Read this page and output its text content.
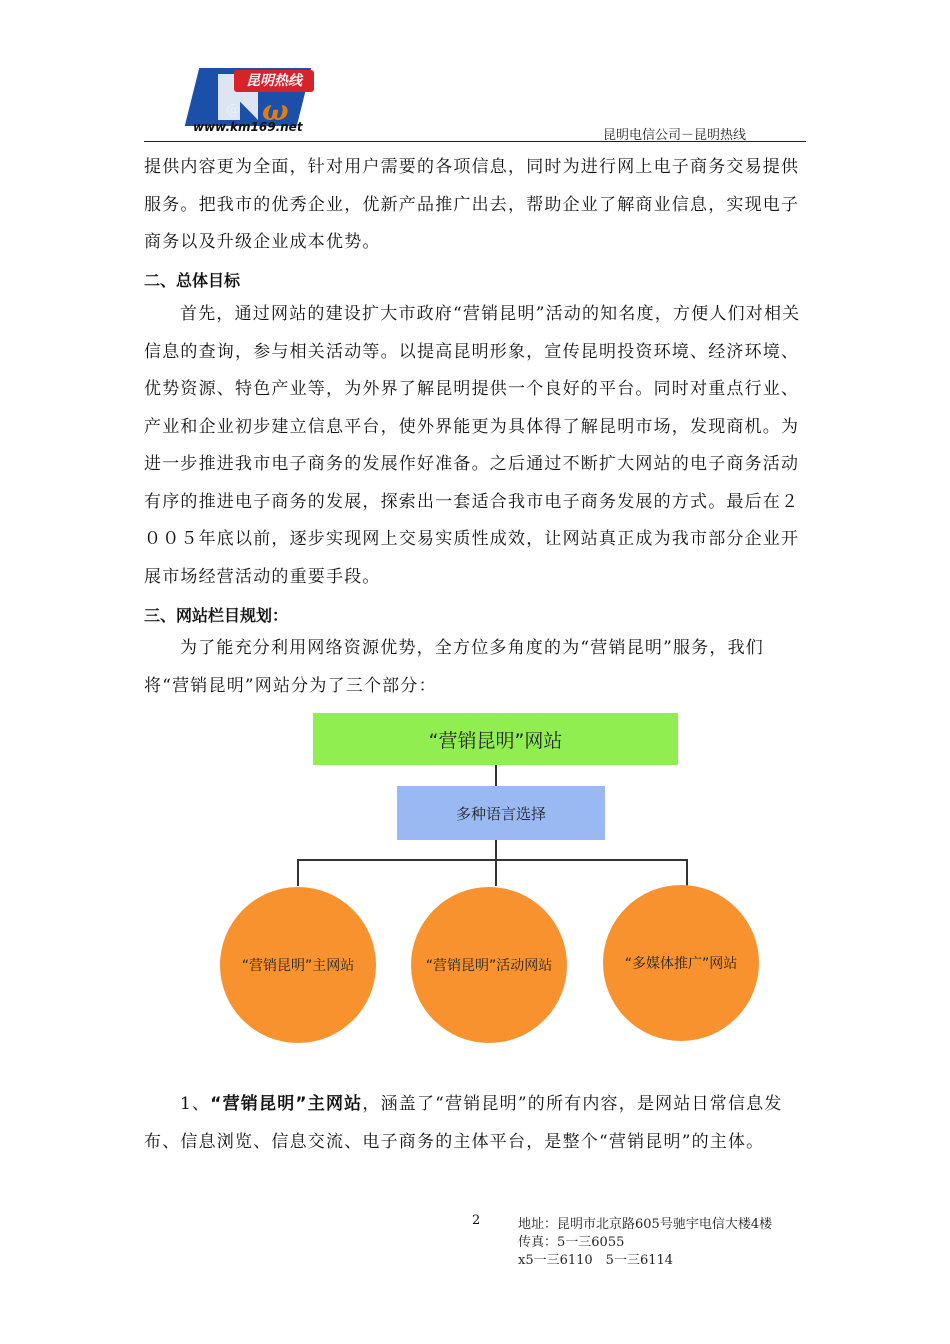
昆明热线
@ ω
www.km169.net
昆明电信公司－昆明热线
提供内容更为全面，针对用户需要的各项信息，同时为进行网上电子商务交易提供服务。把我市的优秀企业，优新产品推广出去，帮助企业了解商业信息，实现电子商务以及升级企业成本优势。
二、总体目标
首先，通过网站的建设扩大市政府“营销昆明”活动的知名度，方便人们对相关信息的查询，参与相关活动等。以提高昆明形象，宣传昆明投资环境、经济环境、优势资源、特色产业等，为外界了解昆明提供一个良好的平台。同时对重点行业、产业和企业初步建立信息平台，使外界能更为具体得了解昆明市场，发现商机。为进一步推进我市电子商务的发展作好准备。之后通过不断扩大网站的电子商务活动有序的推进电子商务的发展，探索出一套适合我市电子商务发展的方式。最后在２００５年底以前，逐步实现网上交易实质性成效，让网站真正成为我市部分企业开展市场经营活动的重要手段。
三、网站栏目规划：
为了能充分利用网络资源优势，全方位多角度的为“营销昆明”服务，我们将“营销昆明”网站分为了三个部分：
“营销昆明”网站
多种语言选择
“营销昆明”主网站	“营销昆明”活动网站	“多媒体推广”网站
1、“营销昆明”主网站，涵盖了“营销昆明”的所有内容，是网站日常信息发布、信息浏览、信息交流、电子商务的主体平台，是整个“营销昆明”的主体。
2	地址：昆明市北京路605号驰宇电信大楼4楼
传真：5一三6055
x5一三6110　5一三6114
